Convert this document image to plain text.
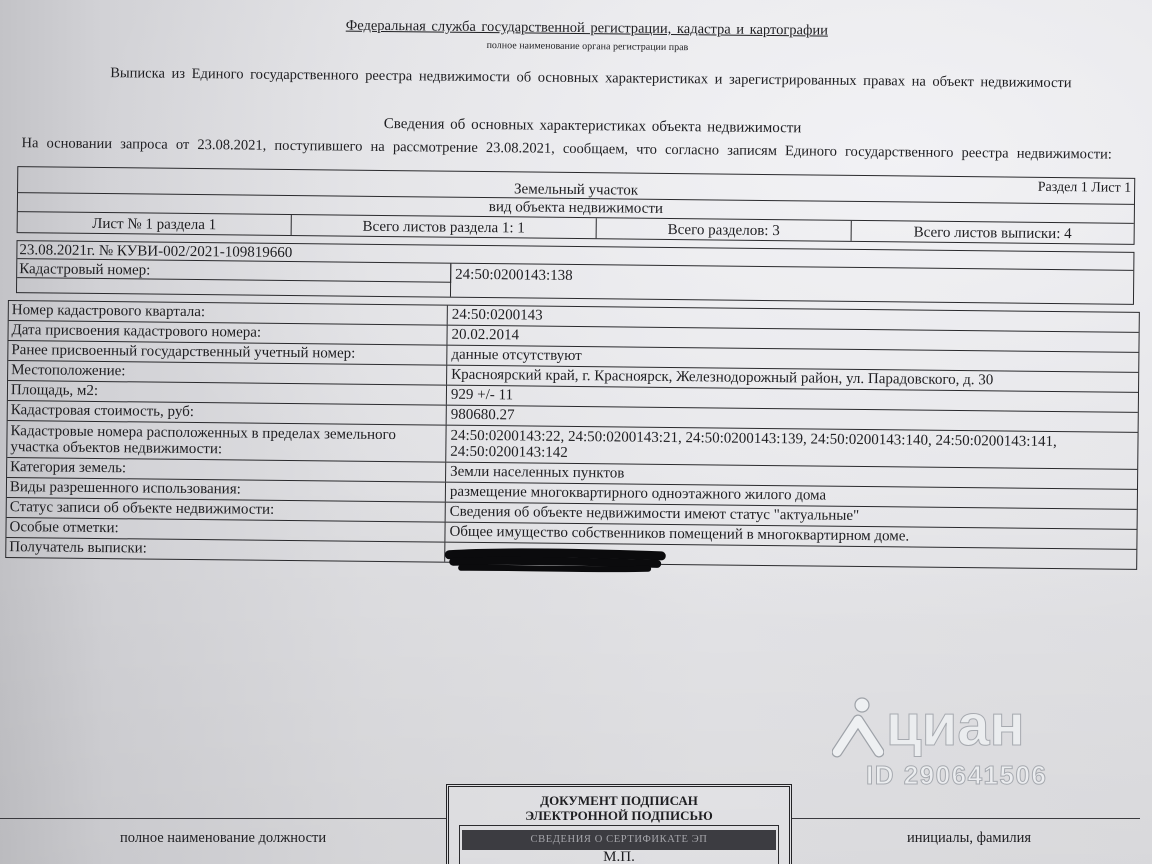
Федеральная служба государственной регистрации, кадастра и картографии
полное наименование органа регистрации прав
Выписка из Единого государственного реестра недвижимости об основных характеристиках и зарегистрированных правах на объект недвижимости
Сведения об основных характеристиках объекта недвижимости
На основании запроса от 23.08.2021, поступившего на рассмотрение 23.08.2021, сообщаем, что согласно записям Единого государственного реестра недвижимости:
Раздел 1 Лист 1
Земельный участок
вид объекта недвижимости
Лист № 1 раздела 1	Всего листов раздела 1: 1	Всего разделов: 3	Всего листов выписки: 4
23.08.2021г. № КУВИ-002/2021-109819660
Кадастровый номер:	24:50:0200143:138
Номер кадастрового квартала:	24:50:0200143
Дата присвоения кадастрового номера:	20.02.2014
Ранее присвоенный государственный учетный номер:	данные отсутствуют
Местоположение:	Красноярский край, г. Красноярск, Железнодорожный район, ул. Парадовского, д. 30
Площадь, м2:	929 +/- 11
Кадастровая стоимость, руб:	980680.27
Кадастровые номера расположенных в пределах земельного участка объектов недвижимости:	24:50:0200143:22, 24:50:0200143:21, 24:50:0200143:139, 24:50:0200143:140, 24:50:0200143:141, 24:50:0200143:142
Категория земель:	Земли населенных пунктов
Виды разрешенного использования:	размещение многоквартирного одноэтажного жилого дома
Статус записи об объекте недвижимости:	Сведения об объекте недвижимости имеют статус "актуальные"
Особые отметки:	Общее имущество собственников помещений в многоквартирном доме.
Получатель выписки:
циан
ID 290641506
полное наименование должности
ДОКУМЕНТ ПОДПИСАН
ЭЛЕКТРОННОЙ ПОДПИСЬЮ
СВЕДЕНИЯ О СЕРТИФИКАТЕ ЭП
М.П.
инициалы, фамилия
